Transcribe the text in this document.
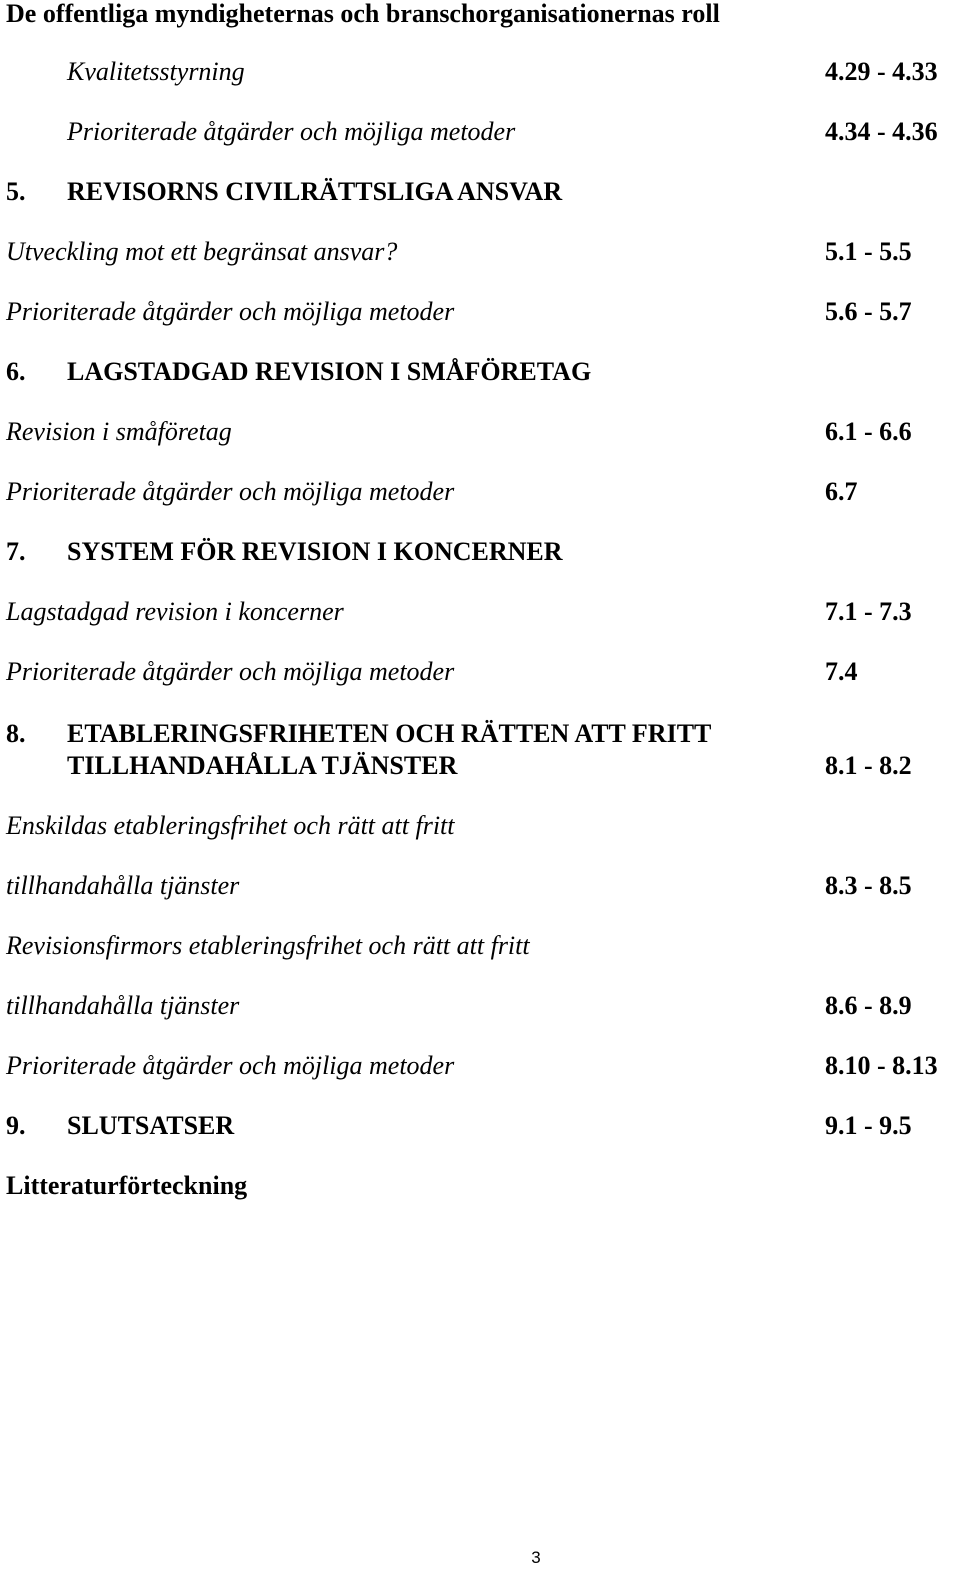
De offentliga myndigheternas och branschorganisationernas roll
Kvalitetsstyrning	4.29 - 4.33
Prioriterade åtgärder och möjliga metoder	4.34 - 4.36
5. REVISORNS CIVILRÄTTSLIGA ANSVAR
Utveckling mot ett begränsat ansvar?	5.1 - 5.5
Prioriterade åtgärder och möjliga metoder	5.6 - 5.7
6. LAGSTADGAD REVISION I SMÅFÖRETAG
Revision i småföretag	6.1 - 6.6
Prioriterade åtgärder och möjliga metoder	6.7
7. SYSTEM FÖR REVISION I KONCERNER
Lagstadgad revision i koncerner	7.1 - 7.3
Prioriterade åtgärder och möjliga metoder	7.4
8. ETABLERINGSFRIHETEN OCH RÄTTEN ATT FRITT
TILLHANDAHÅLLA TJÄNSTER	8.1 - 8.2
Enskildas etableringsfrihet och rätt att fritt
tillhandahålla tjänster	8.3 - 8.5
Revisionsfirmors etableringsfrihet och rätt att fritt
tillhandahålla tjänster	8.6 - 8.9
Prioriterade åtgärder och möjliga metoder	8.10 - 8.13
9. SLUTSATSER	9.1 - 9.5
Litteraturförteckning
3
